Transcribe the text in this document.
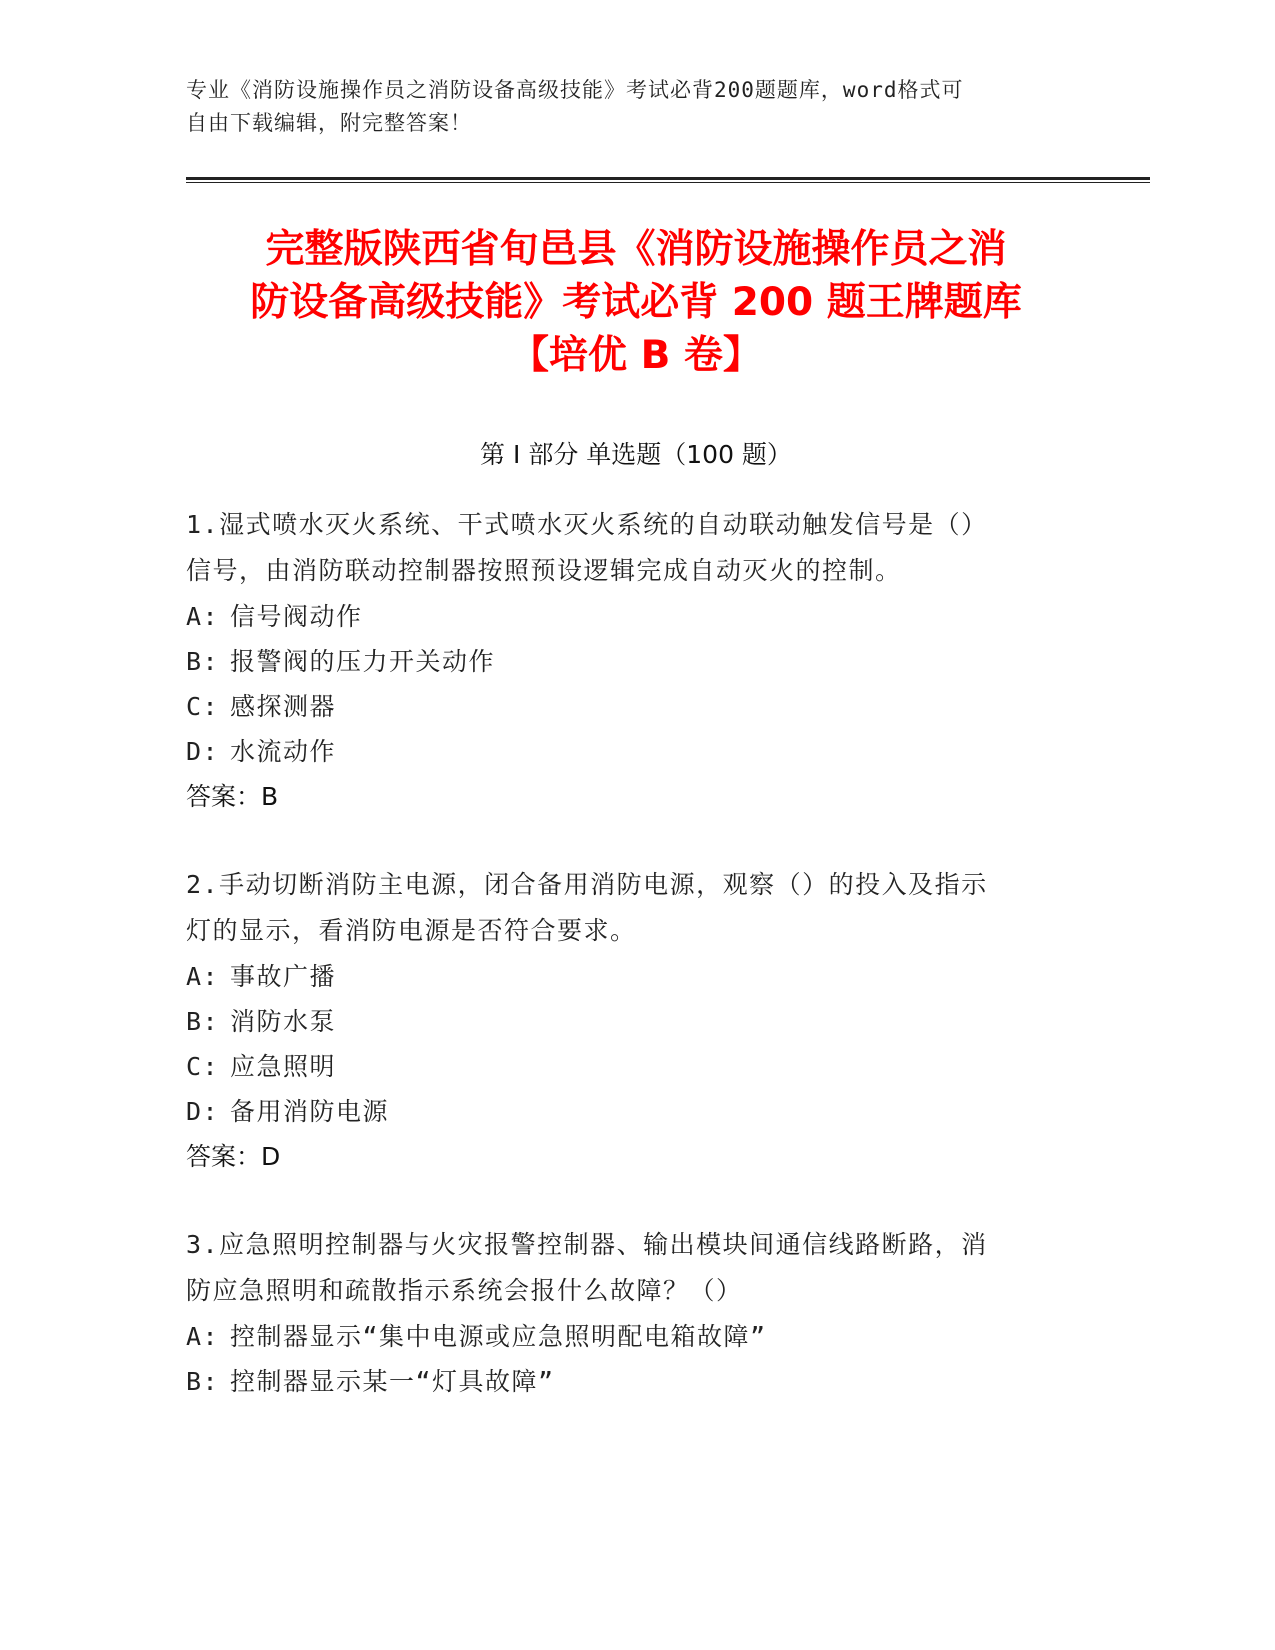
专业《消防设施操作员之消防设备高级技能》考试必背200题题库，word格式可
自由下载编辑，附完整答案！
完整版陕西省旬邑县《消防设施操作员之消
防设备高级技能》考试必背 200 题王牌题库
【培优 B 卷】
第 I 部分 单选题（100 题）
1.湿式喷水灭火系统、干式喷水灭火系统的自动联动触发信号是（）
信号，由消防联动控制器按照预设逻辑完成自动灭火的控制。
A: 信号阀动作
B: 报警阀的压力开关动作
C: 感探测器
D: 水流动作
答案：B
2.手动切断消防主电源，闭合备用消防电源，观察（）的投入及指示
灯的显示，看消防电源是否符合要求。
A: 事故广播
B: 消防水泵
C: 应急照明
D: 备用消防电源
答案：D
3.应急照明控制器与火灾报警控制器、输出模块间通信线路断路，消
防应急照明和疏散指示系统会报什么故障？（）
A: 控制器显示“集中电源或应急照明配电箱故障”
B: 控制器显示某一“灯具故障”
